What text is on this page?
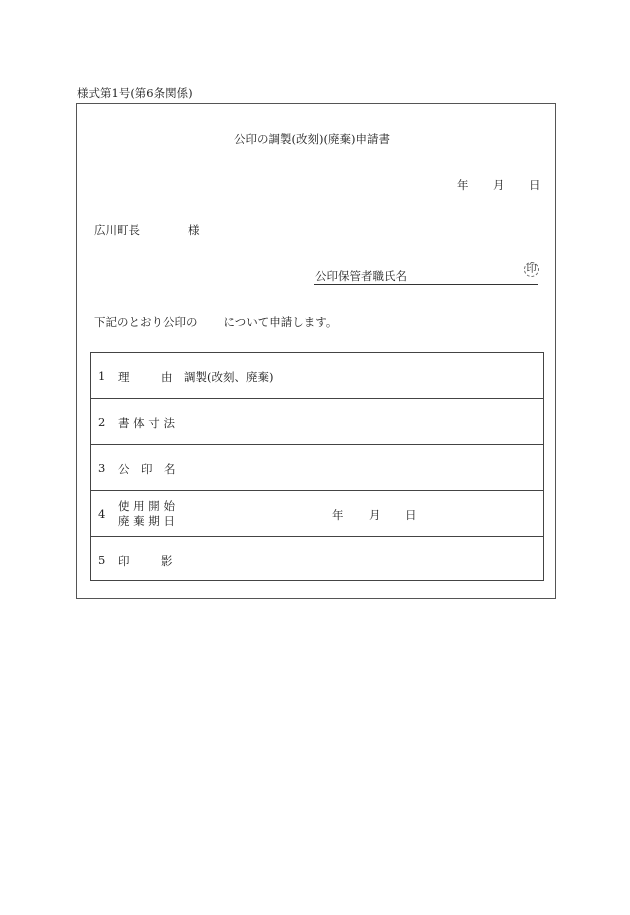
様式第1号(第6条関係)
公印の調製(改刻)(廃棄)申請書
年 月 日
広川町長	様
公印保管者職氏名	印
下記のとおり公印の について申請します。
1 理	由 調製(改刻、廃棄)
2 書 体 寸 法
3 公　印　名
4
使 用 開 始
廃 棄 期 日	年 月 日
5 印	影
